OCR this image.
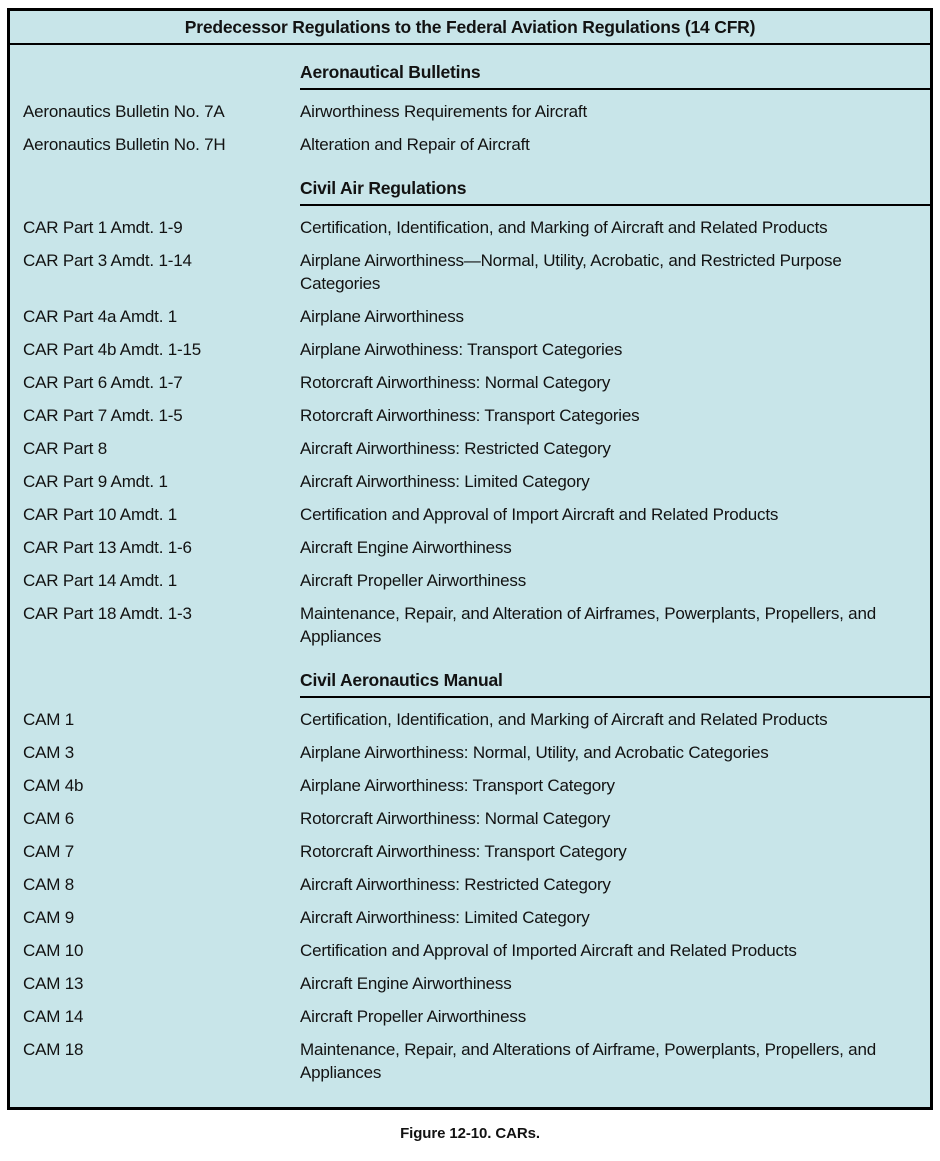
Predecessor Regulations to the Federal Aviation Regulations (14 CFR)
Aeronautical Bulletins
Aeronautics Bulletin No. 7A	Airworthiness Requirements for Aircraft
Aeronautics Bulletin No. 7H	Alteration and Repair of Aircraft
Civil Air Regulations
CAR Part 1 Amdt. 1-9	Certification, Identification, and Marking of Aircraft and Related Products
CAR Part 3 Amdt. 1-14	Airplane Airworthiness—Normal, Utility, Acrobatic, and Restricted Purpose Categories
CAR Part 4a Amdt. 1	Airplane Airworthiness
CAR Part 4b Amdt. 1-15	Airplane Airwothiness: Transport Categories
CAR Part 6 Amdt. 1-7	Rotorcraft Airworthiness: Normal Category
CAR Part 7 Amdt. 1-5	Rotorcraft Airworthiness: Transport Categories
CAR Part 8	Aircraft Airworthiness: Restricted Category
CAR Part 9 Amdt. 1	Aircraft Airworthiness: Limited Category
CAR Part 10 Amdt. 1	Certification and Approval of Import Aircraft and Related Products
CAR Part 13 Amdt. 1-6	Aircraft Engine Airworthiness
CAR Part 14 Amdt. 1	Aircraft Propeller Airworthiness
CAR Part 18 Amdt. 1-3	Maintenance, Repair, and Alteration of Airframes, Powerplants, Propellers, and Appliances
Civil Aeronautics Manual
CAM 1	Certification, Identification, and Marking of Aircraft and Related Products
CAM 3	Airplane Airworthiness: Normal, Utility, and Acrobatic Categories
CAM 4b	Airplane Airworthiness: Transport Category
CAM 6	Rotorcraft Airworthiness: Normal Category
CAM 7	Rotorcraft Airworthiness: Transport Category
CAM 8	Aircraft Airworthiness: Restricted Category
CAM 9	Aircraft Airworthiness: Limited Category
CAM 10	Certification and Approval of Imported Aircraft and Related Products
CAM 13	Aircraft Engine Airworthiness
CAM 14	Aircraft Propeller Airworthiness
CAM 18	Maintenance, Repair, and Alterations of Airframe, Powerplants, Propellers, and Appliances
Figure 12-10. CARs.
